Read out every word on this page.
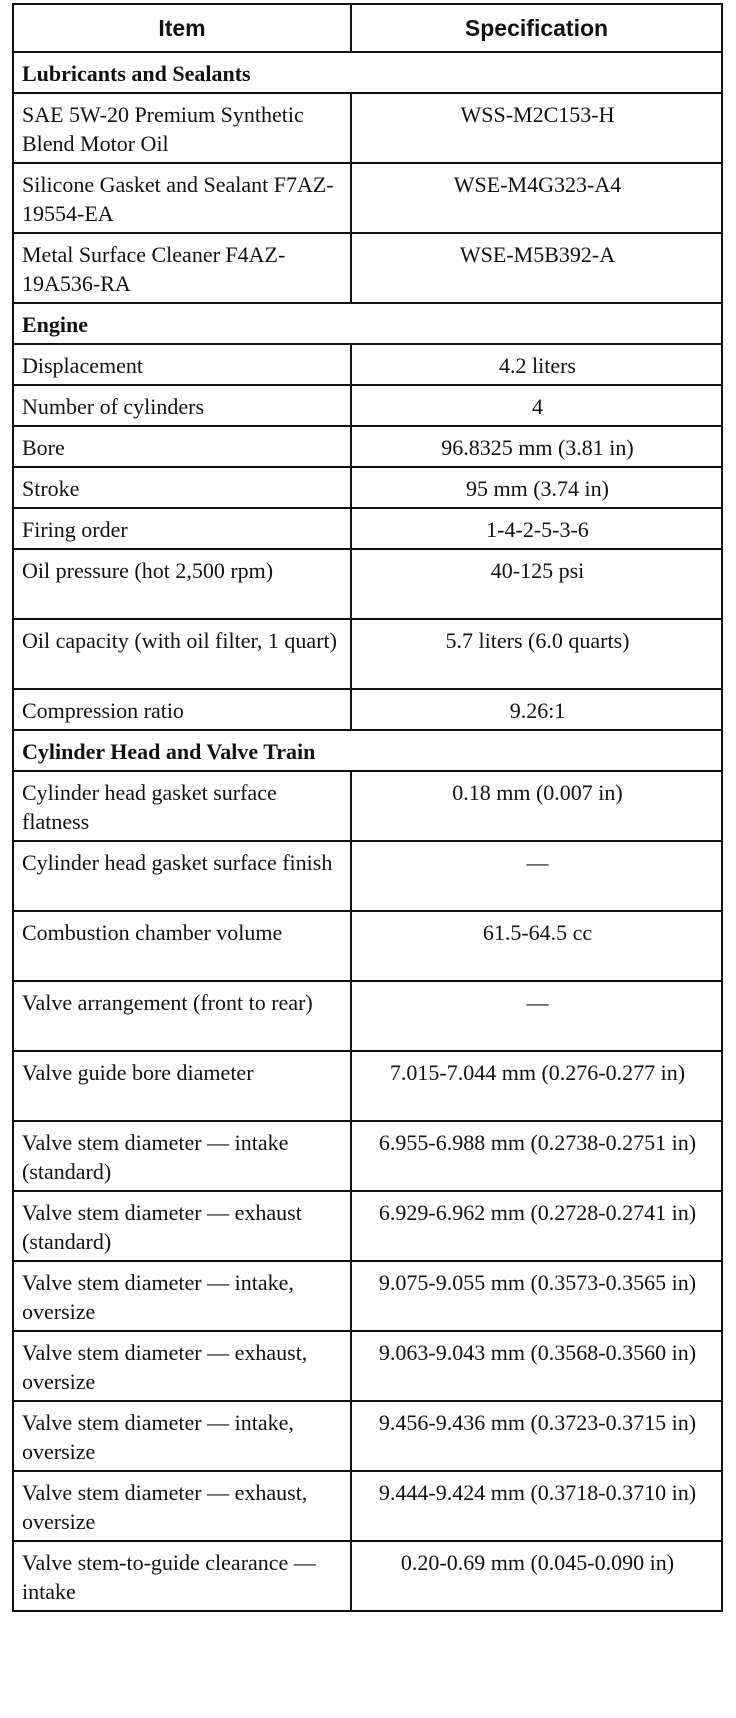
Item	Specification
Lubricants and Sealants	
SAE 5W-20 Premium Synthetic Blend Motor Oil	WSS-M2C153-H
Silicone Gasket and Sealant F7AZ-19554-EA	WSE-M4G323-A4
Metal Surface Cleaner F4AZ-19A536-RA	WSE-M5B392-A
Engine	
Displacement	4.2 liters
Number of cylinders	4
Bore	96.8325 mm (3.81 in)
Stroke	95 mm (3.74 in)
Firing order	1-4-2-5-3-6
Oil pressure (hot 2,500 rpm)	40-125 psi
Oil capacity (with oil filter, 1 quart)	5.7 liters (6.0 quarts)
Compression ratio	9.26:1
Cylinder Head and Valve Train	
Cylinder head gasket surface flatness	0.18 mm (0.007 in)
Cylinder head gasket surface finish	—
Combustion chamber volume	61.5-64.5 cc
Valve arrangement (front to rear)	—
Valve guide bore diameter	7.015-7.044 mm (0.276-0.277 in)
Valve stem diameter — intake (standard)	6.955-6.988 mm (0.2738-0.2751 in)
Valve stem diameter — exhaust (standard)	6.929-6.962 mm (0.2728-0.2741 in)
Valve stem diameter — intake, oversize	9.075-9.055 mm (0.3573-0.3565 in)
Valve stem diameter — exhaust, oversize	9.063-9.043 mm (0.3568-0.3560 in)
Valve stem diameter — intake, oversize	9.456-9.436 mm (0.3723-0.3715 in)
Valve stem diameter — exhaust, oversize	9.444-9.424 mm (0.3718-0.3710 in)
Valve stem-to-guide clearance — intake	0.20-0.69 mm (0.045-0.090 in)
